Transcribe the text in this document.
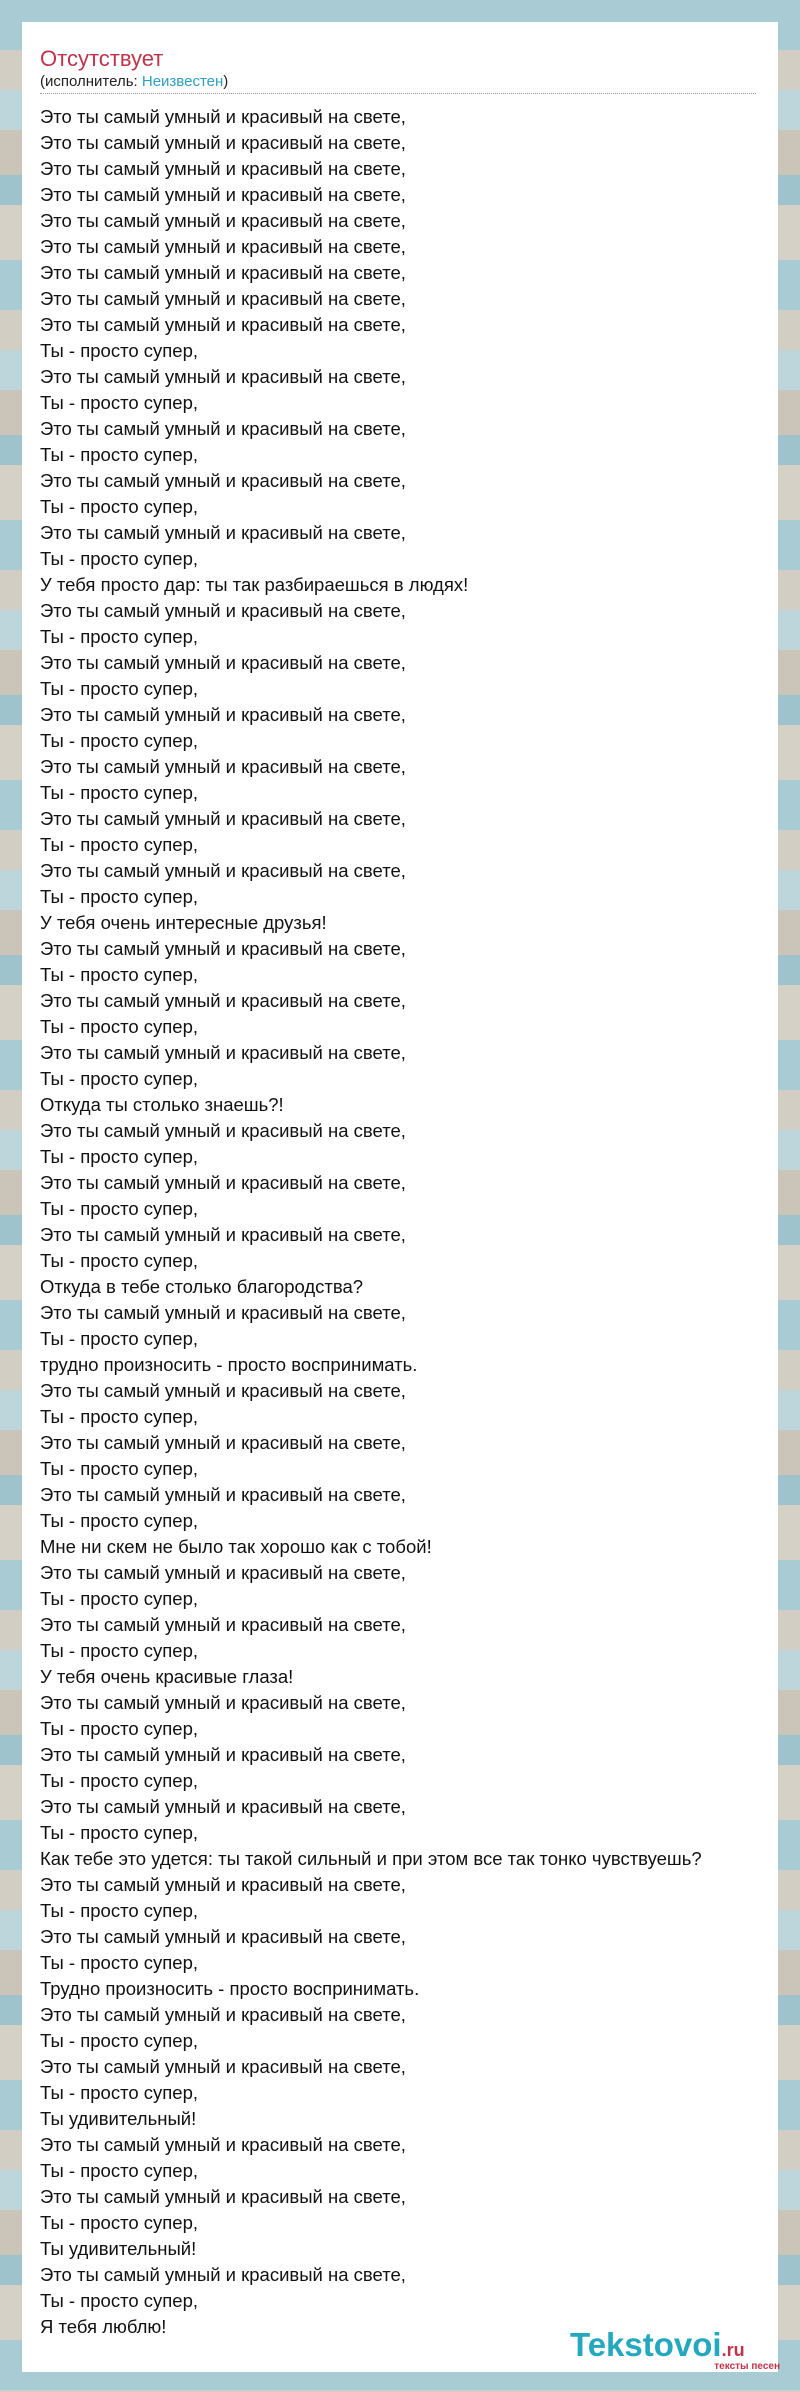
Отсутствует
(исполнитель: Неизвестен)
Это ты самый умный и красивый на свете,
Это ты самый умный и красивый на свете,
Это ты самый умный и красивый на свете,
Это ты самый умный и красивый на свете,
Это ты самый умный и красивый на свете,
Это ты самый умный и красивый на свете,
Это ты самый умный и красивый на свете,
Это ты самый умный и красивый на свете,
Это ты самый умный и красивый на свете,
Ты - просто супер,
Это ты самый умный и красивый на свете,
Ты - просто супер,
Это ты самый умный и красивый на свете,
Ты - просто супер,
Это ты самый умный и красивый на свете,
Ты - просто супер,
Это ты самый умный и красивый на свете,
Ты - просто супер,
У тебя просто дар: ты так разбираешься в людях!
Это ты самый умный и красивый на свете,
Ты - просто супер,
Это ты самый умный и красивый на свете,
Ты - просто супер,
Это ты самый умный и красивый на свете,
Ты - просто супер,
Это ты самый умный и красивый на свете,
Ты - просто супер,
Это ты самый умный и красивый на свете,
Ты - просто супер,
Это ты самый умный и красивый на свете,
Ты - просто супер,
У тебя очень интересные друзья!
Это ты самый умный и красивый на свете,
Ты - просто супер,
Это ты самый умный и красивый на свете,
Ты - просто супер,
Это ты самый умный и красивый на свете,
Ты - просто супер,
Откуда ты столько знаешь?!
Это ты самый умный и красивый на свете,
Ты - просто супер,
Это ты самый умный и красивый на свете,
Ты - просто супер,
Это ты самый умный и красивый на свете,
Ты - просто супер,
Откуда в тебе столько благородства?
Это ты самый умный и красивый на свете,
Ты - просто супер,
трудно произносить - просто воспринимать.
Это ты самый умный и красивый на свете,
Ты - просто супер,
Это ты самый умный и красивый на свете,
Ты - просто супер,
Это ты самый умный и красивый на свете,
Ты - просто супер,
Мне ни скем не было так хорошо как с тобой!
Это ты самый умный и красивый на свете,
Ты - просто супер,
Это ты самый умный и красивый на свете,
Ты - просто супер,
У тебя очень красивые глаза!
Это ты самый умный и красивый на свете,
Ты - просто супер,
Это ты самый умный и красивый на свете,
Ты - просто супер,
Это ты самый умный и красивый на свете,
Ты - просто супер,
Как тебе это удется: ты такой сильный и при этом все так тонко чувствуешь?
Это ты самый умный и красивый на свете,
Ты - просто супер,
Это ты самый умный и красивый на свете,
Ты - просто супер,
Трудно произносить - просто воспринимать.
Это ты самый умный и красивый на свете,
Ты - просто супер,
Это ты самый умный и красивый на свете,
Ты - просто супер,
Ты удивительный!
Это ты самый умный и красивый на свете,
Ты - просто супер,
Это ты самый умный и красивый на свете,
Ты - просто супер,
Ты удивительный!
Это ты самый умный и красивый на свете,
Ты - просто супер,
Я тебя люблю!	Tekstovoi.ru
тексты песен
